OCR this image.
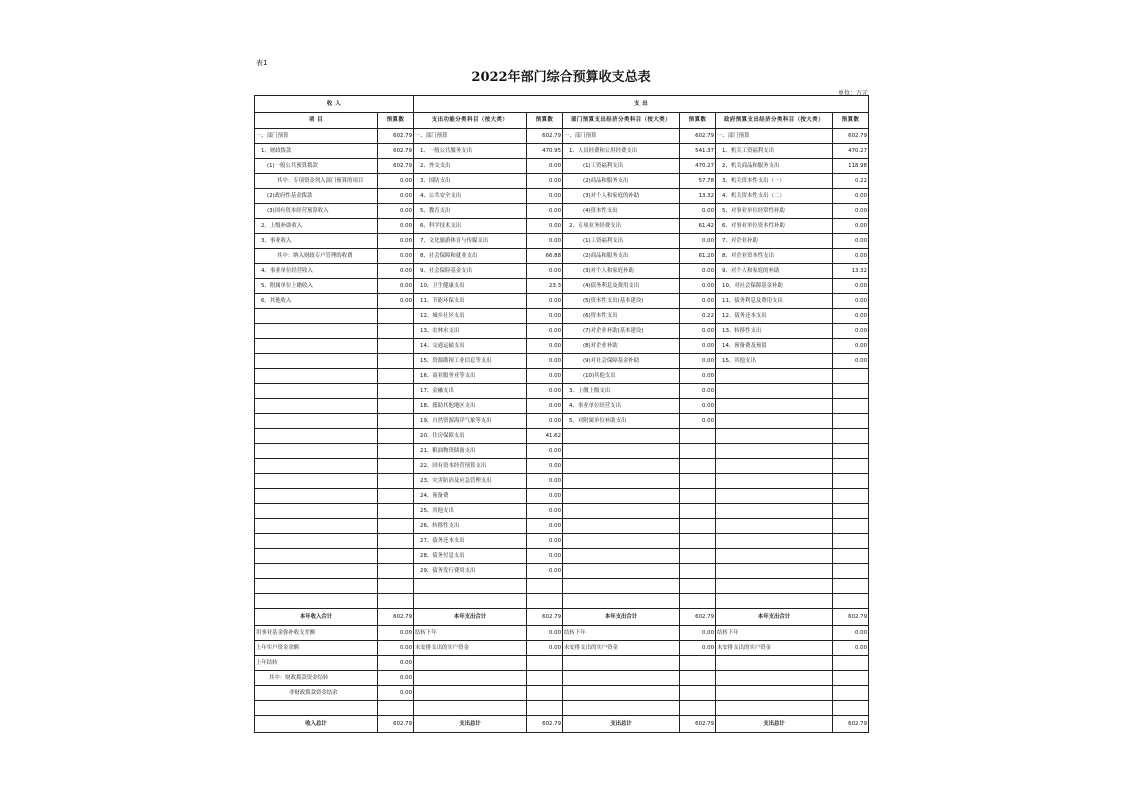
表1
2022年部门综合预算收支总表
单位：万元
收 入		支 出					
项 目	预算数	支出功能分类科目（按大类）	预算数	部门预算支出经济分类科目（按大类）	预算数	政府预算支出经济分类科目（按大类）	预算数
一、部门预算	602.79	一、部门预算	602.79	一、部门预算	602.79	一、部门预算	602.79
1、财政拨款	602.79	1、一般公共服务支出	470.95	1、人员经费和公用经费支出	541.37	1、机关工资福利支出	470.27
(1)一般公共预算拨款	602.79	2、外交支出	0.00	(1)工资福利支出	470.27	2、机关商品和服务支出	118.98
其中：专项资金列入部门预算的项目	0.00	3、国防支出	0.00	(2)商品和服务支出	57.78	3、机关资本性支出（一）	0.22
(2)政府性基金拨款	0.00	4、公共安全支出	0.00	(3)对个人和家庭的补助	13.32	4、机关资本性支出（二）	0.00
(3)国有资本经营预算收入	0.00	5、教育支出	0.00	(4)资本性支出	0.00	5、对事业单位经常性补助	0.00
2、上级补助收入	0.00	6、科学技术支出	0.00	2、专项业务经费支出	61.42	6、对事业单位资本性补助	0.00
3、事业收入	0.00	7、文化旅游体育与传媒支出	0.00	(1)工资福利支出	0.00	7、对企业补助	0.00
其中：纳入财政专户管理的收费	0.00	8、社会保障和就业支出	66.88	(2)商品和服务支出	61.20	8、对企业资本性支出	0.00
4、事业单位经营收入	0.00	9、社会保险基金支出	0.00	(3)对个人和家庭补助	0.00	9、对个人和家庭的补助	13.32
5、附属单位上缴收入	0.00	10、卫生健康支出	23.3	(4)债务利息及费用支出	0.00	10、对社会保障基金补助	0.00
6、其他收入	0.00	11、节能环保支出	0.00	(5)资本性支出(基本建设)	0.00	11、债务利息及费用支出	0.00
		12、城乡社区支出	0.00	(6)资本性支出	0.22	12、债务还本支出	0.00
		13、农林水支出	0.00	(7)对企业补助(基本建设)	0.00	13、转移性支出	0.00
		14、交通运输支出	0.00	(8)对企业补助	0.00	14、预备费及预留	0.00
		15、资源勘探工业信息等支出	0.00	(9)对社会保障基金补助	0.00	15、其他支出	0.00
		16、商业服务业等支出	0.00	(10)其他支出	0.00		
		17、金融支出	0.00	3、上缴上级支出	0.00		
		18、援助其他地区支出	0.00	4、事业单位经营支出	0.00		
		19、自然资源海洋气象等支出	0.00	5、对附属单位补助支出	0.00		
		20、住房保障支出	41.62				
		21、粮油物资储备支出	0.00				
		22、国有资本经营预算支出	0.00				
		23、灾害防治及应急管理支出	0.00				
		24、预备费	0.00				
		25、其他支出	0.00				
		26、转移性支出	0.00				
		27、债务还本支出	0.00				
		28、债务付息支出	0.00				
		29、债务发行费用支出	0.00				

本年收入合计	602.79	本年支出合计	602.79	本年支出合计	602.79	本年支出合计	602.79
用事业基金弥补收支差额	0.00	结转下年	0.00	结转下年	0.00	结转下年	0.00
上年实户资金余额	0.00	未安排支出的实户资金	0.00	未安排支出的实户资金	0.00	未安排支出的实户资金	0.00
上年结转	0.00						
其中：财政拨款资金结转	0.00						
非财政拨款资金结余	0.00						

收入总计	602.79	支出总计	602.79	支出总计	602.79	支出总计	602.79
